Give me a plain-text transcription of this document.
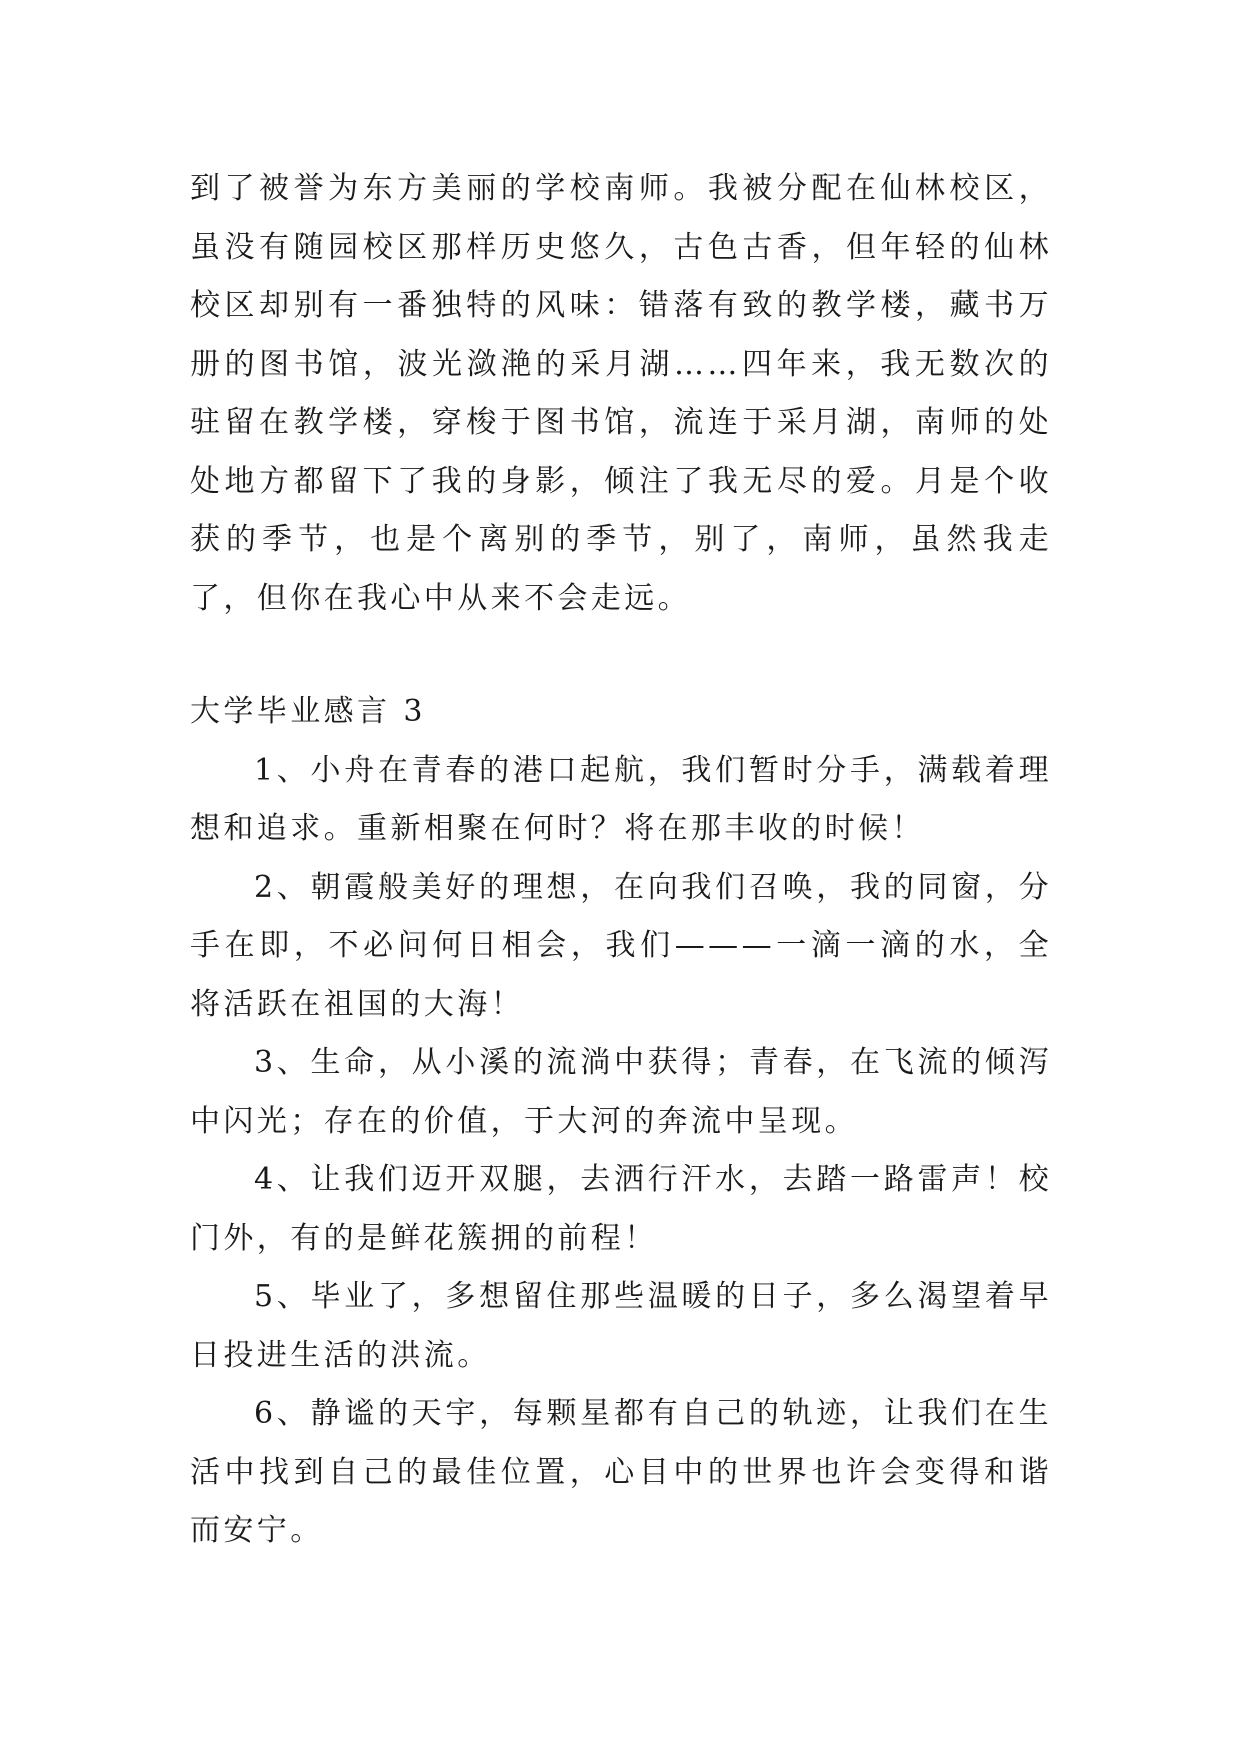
到了被誉为东方美丽的学校南师。我被分配在仙林校区，虽没有随园校区那样历史悠久，古色古香，但年轻的仙林校区却别有一番独特的风味：错落有致的教学楼，藏书万册的图书馆，波光潋滟的采月湖……四年来，我无数次的驻留在教学楼，穿梭于图书馆，流连于采月湖，南师的处处地方都留下了我的身影，倾注了我无尽的爱。月是个收获的季节，也是个离别的季节，别了，南师，虽然我走了，但你在我心中从来不会走远。

大学毕业感言 3

1、小舟在青春的港口起航，我们暂时分手，满载着理想和追求。重新相聚在何时？将在那丰收的时候！

2、朝霞般美好的理想，在向我们召唤，我的同窗，分手在即，不必问何日相会，我们———一滴一滴的水，全将活跃在祖国的大海！

3、生命，从小溪的流淌中获得；青春，在飞流的倾泻中闪光；存在的价值，于大河的奔流中呈现。

4、让我们迈开双腿，去洒行汗水，去踏一路雷声！校门外，有的是鲜花簇拥的前程！

5、毕业了，多想留住那些温暖的日子，多么渴望着早日投进生活的洪流。

6、静谧的天宇，每颗星都有自己的轨迹，让我们在生活中找到自己的最佳位置，心目中的世界也许会变得和谐而安宁。
